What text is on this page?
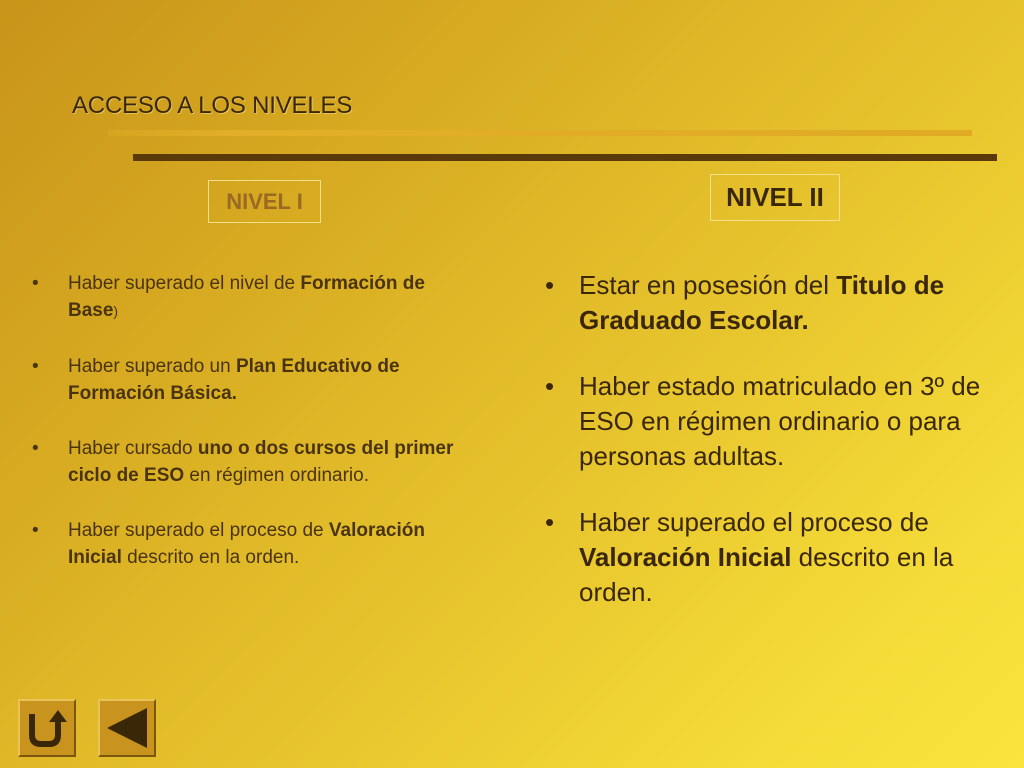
ACCESO A LOS NIVELES
NIVEL I	NIVEL II
• Haber superado el nivel de Formación de Base)
• Haber superado un Plan Educativo de Formación Básica.
• Haber cursado uno o dos cursos del primer ciclo de ESO en régimen ordinario.
• Haber superado el proceso de Valoración Inicial descrito en la orden.
• Estar en posesión del Titulo de Graduado Escolar.
• Haber estado matriculado en 3º de ESO en régimen ordinario o para personas adultas.
• Haber superado el proceso de Valoración Inicial descrito en la orden.
